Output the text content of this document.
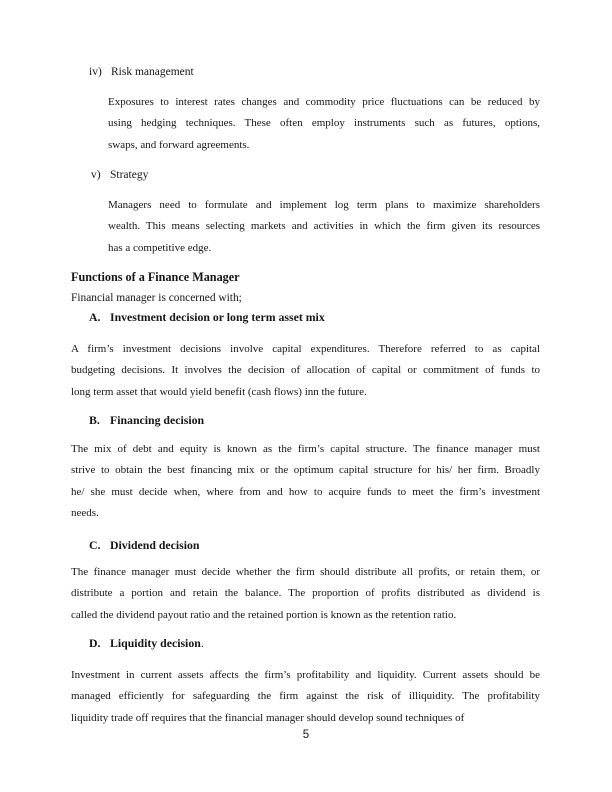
iv) Risk management
Exposures to interest rates changes and commodity price fluctuations can be reduced by
using hedging techniques. These often employ instruments such as futures, options,
swaps, and forward agreements.
v) Strategy
Managers need to formulate and implement log term plans to maximize shareholders
wealth. This means selecting markets and activities in which the firm given its resources
has a competitive edge.
Functions of a Finance Manager
Financial manager is concerned with;
A. Investment decision or long term asset mix
A firm’s investment decisions involve capital expenditures. Therefore referred to as capital
budgeting decisions. It involves the decision of allocation of capital or commitment of funds to
long term asset that would yield benefit (cash flows) inn the future.
B. Financing decision
The mix of debt and equity is known as the firm’s capital structure. The finance manager must
strive to obtain the best financing mix or the optimum capital structure for his/ her firm. Broadly
he/ she must decide when, where from and how to acquire funds to meet the firm’s investment
needs.
C. Dividend decision
The finance manager must decide whether the firm should distribute all profits, or retain them, or
distribute a portion and retain the balance. The proportion of profits distributed as dividend is
called the dividend payout ratio and the retained portion is known as the retention ratio.
D. Liquidity decision .
Investment in current assets affects the firm’s profitability and liquidity. Current assets should be
managed efficiently for safeguarding the firm against the risk of illiquidity. The profitability
liquidity trade off requires that the financial manager should develop sound techniques of
5
